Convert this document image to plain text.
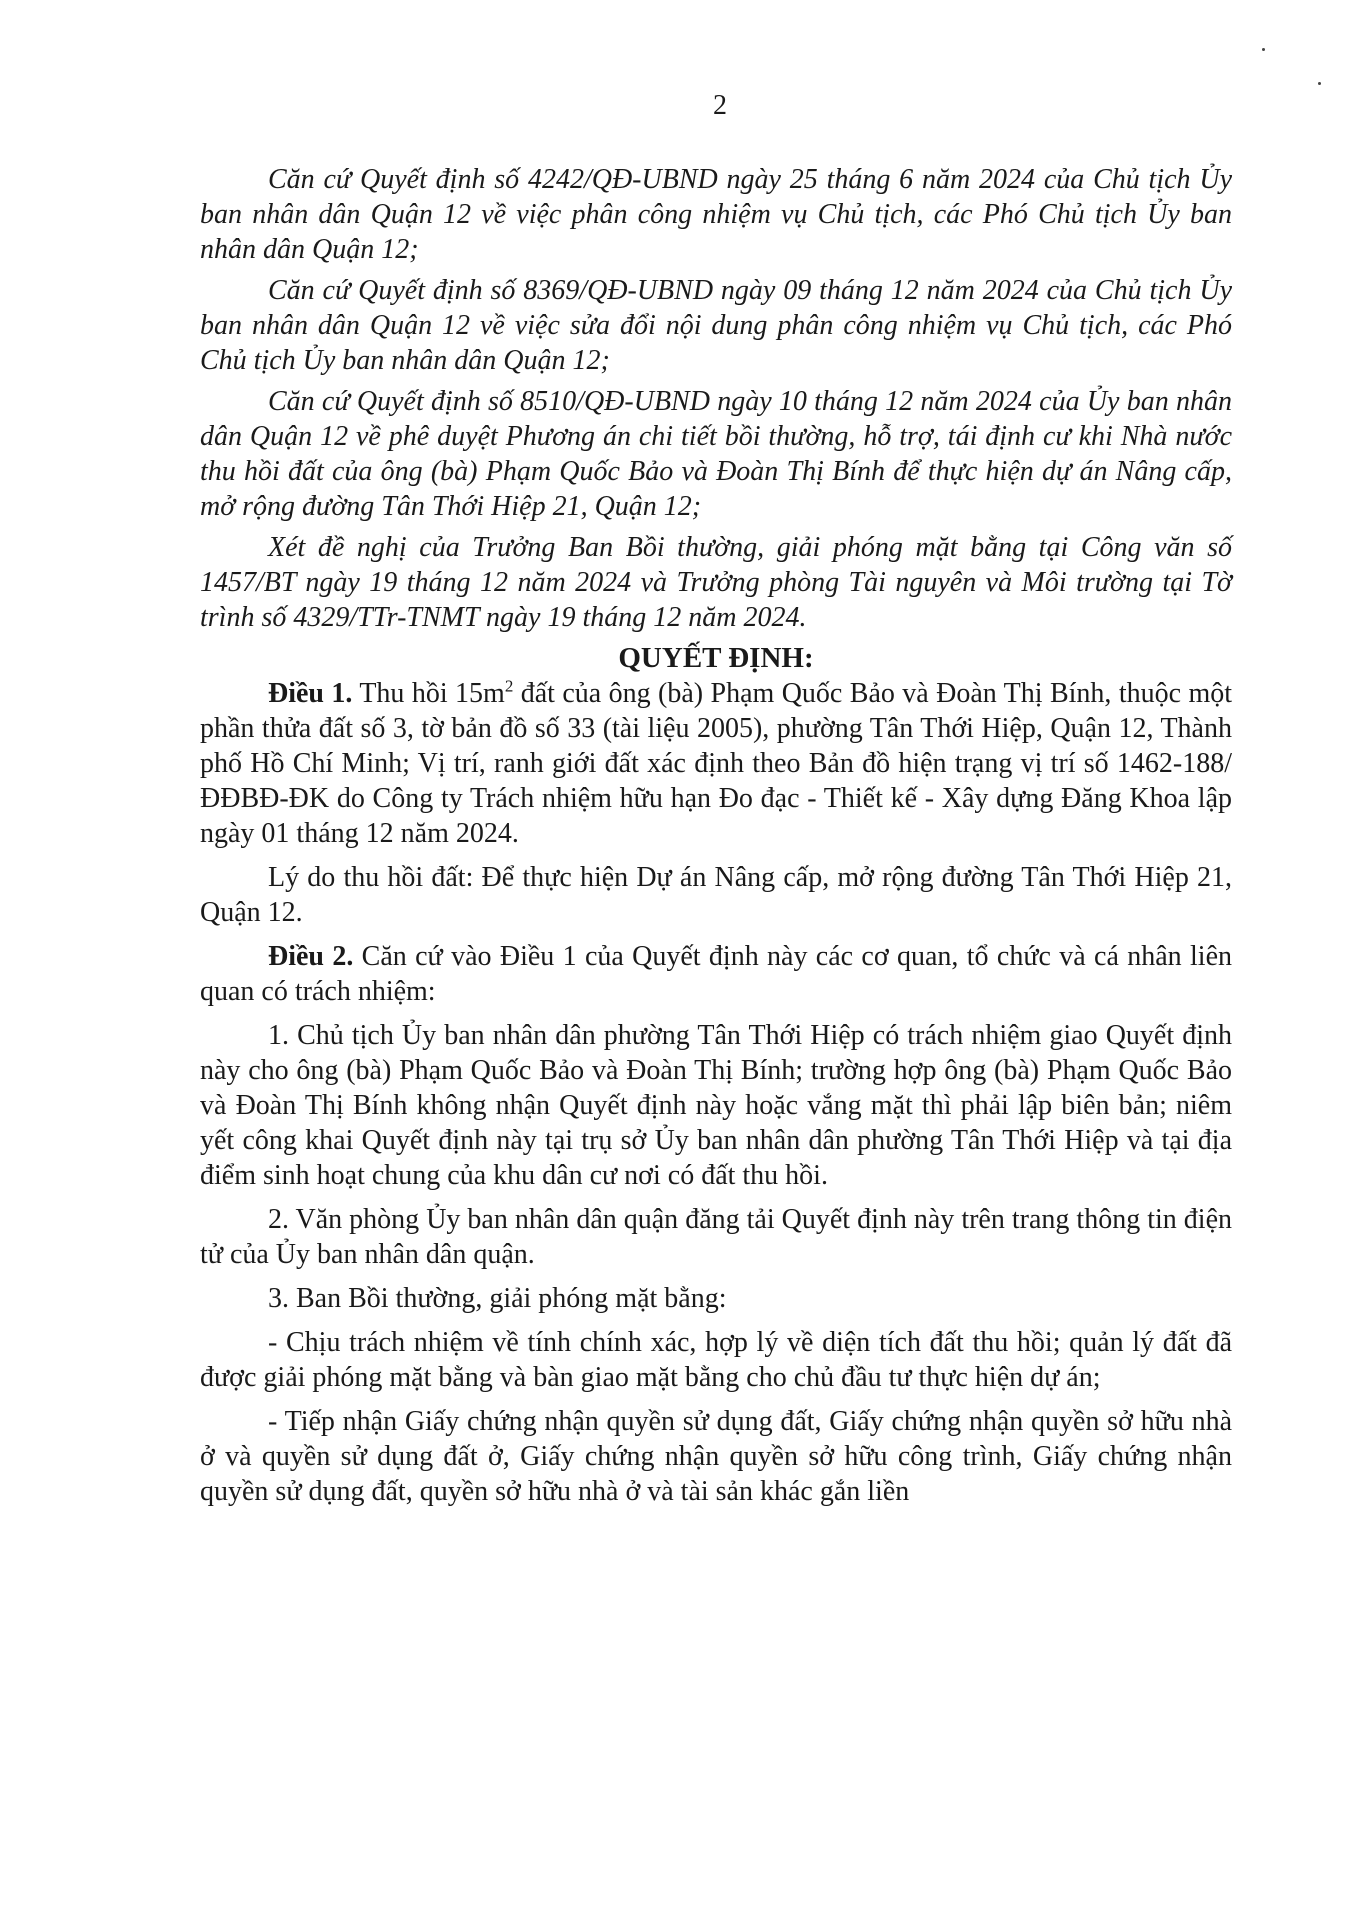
2

Căn cứ Quyết định số 4242/QĐ-UBND ngày 25 tháng 6 năm 2024 của Chủ tịch Ủy ban nhân dân Quận 12 về việc phân công nhiệm vụ Chủ tịch, các Phó Chủ tịch Ủy ban nhân dân Quận 12;

Căn cứ Quyết định số 8369/QĐ-UBND ngày 09 tháng 12 năm 2024 của Chủ tịch Ủy ban nhân dân Quận 12 về việc sửa đổi nội dung phân công nhiệm vụ Chủ tịch, các Phó Chủ tịch Ủy ban nhân dân Quận 12;

Căn cứ Quyết định số 8510/QĐ-UBND ngày 10 tháng 12 năm 2024 của Ủy ban nhân dân Quận 12 về phê duyệt Phương án chi tiết bồi thường, hỗ trợ, tái định cư khi Nhà nước thu hồi đất của ông (bà) Phạm Quốc Bảo và Đoàn Thị Bính để thực hiện dự án Nâng cấp, mở rộng đường Tân Thới Hiệp 21, Quận 12;

Xét đề nghị của Trưởng Ban Bồi thường, giải phóng mặt bằng tại Công văn số 1457/BT ngày 19 tháng 12 năm 2024 và Trưởng phòng Tài nguyên và Môi trường tại Tờ trình số 4329/TTr-TNMT ngày 19 tháng 12 năm 2024.

QUYẾT ĐỊNH:

Điều 1. Thu hồi $15m^2$ đất của ông (bà) Phạm Quốc Bảo và Đoàn Thị Bính, thuộc một phần thửa đất số 3, tờ bản đồ số 33 (tài liệu 2005), phường Tân Thới Hiệp, Quận 12, Thành phố Hồ Chí Minh; Vị trí, ranh giới đất xác định theo Bản đồ hiện trạng vị trí số 1462-188/ĐĐBĐ-ĐK do Công ty Trách nhiệm hữu hạn Đo đạc - Thiết kế - Xây dựng Đăng Khoa lập ngày 01 tháng 12 năm 2024.

Lý do thu hồi đất: Để thực hiện Dự án Nâng cấp, mở rộng đường Tân Thới Hiệp 21, Quận 12.

Điều 2. Căn cứ vào Điều 1 của Quyết định này các cơ quan, tổ chức và cá nhân liên quan có trách nhiệm:

1. Chủ tịch Ủy ban nhân dân phường Tân Thới Hiệp có trách nhiệm giao Quyết định này cho ông (bà) Phạm Quốc Bảo và Đoàn Thị Bính; trường hợp ông (bà) Phạm Quốc Bảo và Đoàn Thị Bính không nhận Quyết định này hoặc vắng mặt thì phải lập biên bản; niêm yết công khai Quyết định này tại trụ sở Ủy ban nhân dân phường Tân Thới Hiệp và tại địa điểm sinh hoạt chung của khu dân cư nơi có đất thu hồi.

2. Văn phòng Ủy ban nhân dân quận đăng tải Quyết định này trên trang thông tin điện tử của Ủy ban nhân dân quận.

3. Ban Bồi thường, giải phóng mặt bằng:

- Chịu trách nhiệm về tính chính xác, hợp lý về diện tích đất thu hồi; quản lý đất đã được giải phóng mặt bằng và bàn giao mặt bằng cho chủ đầu tư thực hiện dự án;

- Tiếp nhận Giấy chứng nhận quyền sử dụng đất, Giấy chứng nhận quyền sở hữu nhà ở và quyền sử dụng đất ở, Giấy chứng nhận quyền sở hữu công trình, Giấy chứng nhận quyền sử dụng đất, quyền sở hữu nhà ở và tài sản khác gắn liền
